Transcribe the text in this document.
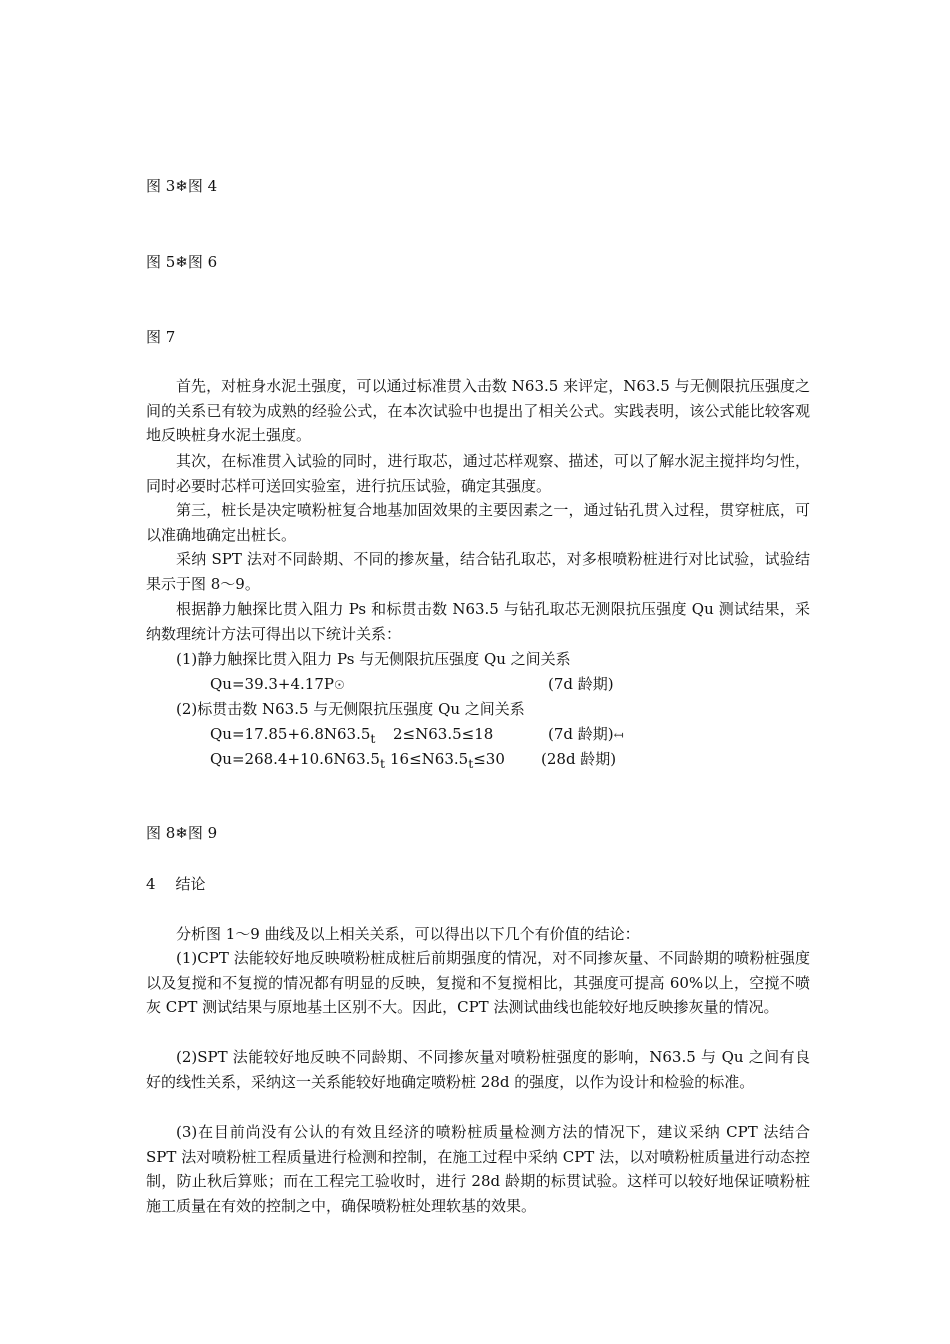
图 3❄图 4
图 5❄图 6
图 7
首先，对桩身水泥土强度，可以通过标准贯入击数 N63.5 来评定，N63.5 与无侧限抗压强度之间的关系已有较为成熟的经验公式，在本次试验中也提出了相关公式。实践表明，该公式能比较客观地反映桩身水泥土强度。
其次，在标准贯入试验的同时，进行取芯，通过芯样观察、描述，可以了解水泥主搅拌均匀性，同时必要时芯样可送回实验室，进行抗压试验，确定其强度。
第三，桩长是决定喷粉桩复合地基加固效果的主要因素之一，通过钻孔贯入过程，贯穿桩底，可以准确地确定出桩长。
采纳 SPT 法对不同龄期、不同的掺灰量，结合钻孔取芯，对多根喷粉桩进行对比试验，试验结果示于图 8～9。
根据静力触探比贯入阻力 Ps 和标贯击数 N63.5 与钻孔取芯无测限抗压强度 Qu 测试结果，采纳数理统计方法可得出以下统计关系：
(1)静力触探比贯入阻力 Ps 与无侧限抗压强度 Qu 之间关系
Qu=39.3+4.17P☉	(7d 龄期)
(2)标贯击数 N63.5 与无侧限抗压强度 Qu 之间关系
$Qu=17.85+6.8N63.5_t$ 2≤N63.5≤18	(7d 龄期)↤
$Qu=268.4+10.6N63.5_t$ $16\le N63.5_t\le 30$ (28d 龄期)
图 8❄图 9
4 结论
分析图 1～9 曲线及以上相关关系，可以得出以下几个有价值的结论：
(1)CPT 法能较好地反映喷粉桩成桩后前期强度的情况，对不同掺灰量、不同龄期的喷粉桩强度以及复搅和不复搅的情况都有明显的反映，复搅和不复搅相比，其强度可提高 60%以上，空搅不喷灰 CPT 测试结果与原地基土区别不大。因此，CPT 法测试曲线也能较好地反映掺灰量的情况。
(2)SPT 法能较好地反映不同龄期、不同掺灰量对喷粉桩强度的影响，N63.5 与 Qu 之间有良好的线性关系，采纳这一关系能较好地确定喷粉桩 28d 的强度，以作为设计和检验的标准。
(3)在目前尚没有公认的有效且经济的喷粉桩质量检测方法的情况下，建议采纳 CPT 法结合 SPT 法对喷粉桩工程质量进行检测和控制，在施工过程中采纳 CPT 法，以对喷粉桩质量进行动态控制，防止秋后算账；而在工程完工验收时，进行 28d 龄期的标贯试验。这样可以较好地保证喷粉桩施工质量在有效的控制之中，确保喷粉桩处理软基的效果。
